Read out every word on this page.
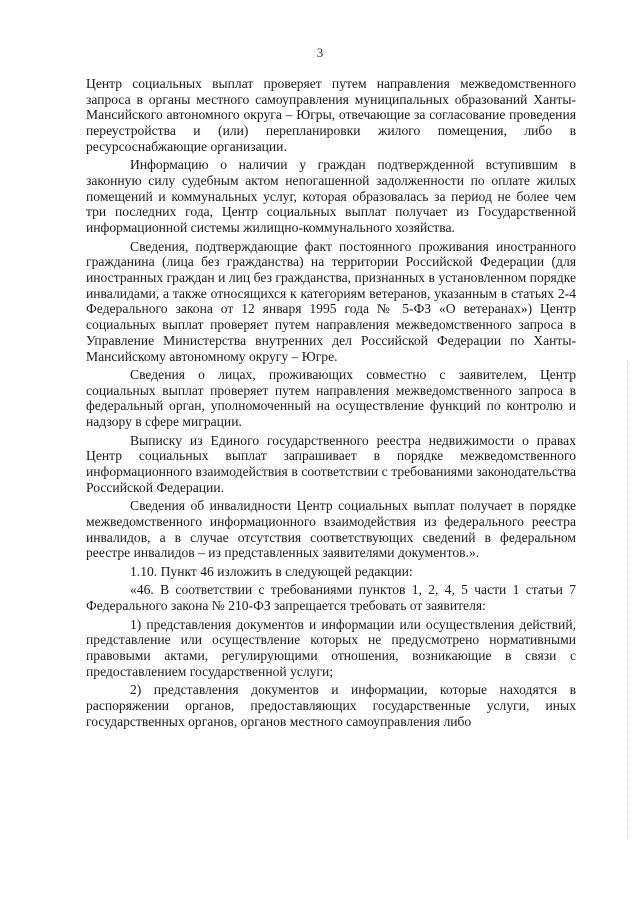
3

Центр социальных выплат проверяет путем направления межведомственного запроса в органы местного самоуправления муниципальных образований Ханты-Мансийского автономного округа – Югры, отвечающие за согласование проведения переустройства и (или) перепланировки жилого помещения, либо в ресурсоснабжающие организации.

Информацию о наличии у граждан подтвержденной вступившим в законную силу судебным актом непогашенной задолженности по оплате жилых помещений и коммунальных услуг, которая образовалась за период не более чем три последних года, Центр социальных выплат получает из Государственной информационной системы жилищно-коммунального хозяйства.

Сведения, подтверждающие факт постоянного проживания иностранного гражданина (лица без гражданства) на территории Российской Федерации (для иностранных граждан и лиц без гражданства, признанных в установленном порядке инвалидами, а также относящихся к категориям ветеранов, указанным в статьях 2-4 Федерального закона от 12 января 1995 года № 5-ФЗ «О ветеранах») Центр социальных выплат проверяет путем направления межведомственного запроса в Управление Министерства внутренних дел Российской Федерации по Ханты-Мансийскому автономному округу – Югре.

Сведения о лицах, проживающих совместно с заявителем, Центр социальных выплат проверяет путем направления межведомственного запроса в федеральный орган, уполномоченный на осуществление функций по контролю и надзору в сфере миграции.

Выписку из Единого государственного реестра недвижимости о правах Центр социальных выплат запрашивает в порядке межведомственного информационного взаимодействия в соответствии с требованиями законодательства Российской Федерации.

Сведения об инвалидности Центр социальных выплат получает в порядке межведомственного информационного взаимодействия из федерального реестра инвалидов, а в случае отсутствия соответствующих сведений в федеральном реестре инвалидов – из представленных заявителями документов.».

1.10. Пункт 46 изложить в следующей редакции:

«46. В соответствии с требованиями пунктов 1, 2, 4, 5 части 1 статьи 7 Федерального закона № 210-ФЗ запрещается требовать от заявителя:

1) представления документов и информации или осуществления действий, представление или осуществление которых не предусмотрено нормативными правовыми актами, регулирующими отношения, возникающие в связи с предоставлением государственной услуги;

2) представления документов и информации, которые находятся в распоряжении органов, предоставляющих государственные услуги, иных государственных органов, органов местного самоуправления либо
